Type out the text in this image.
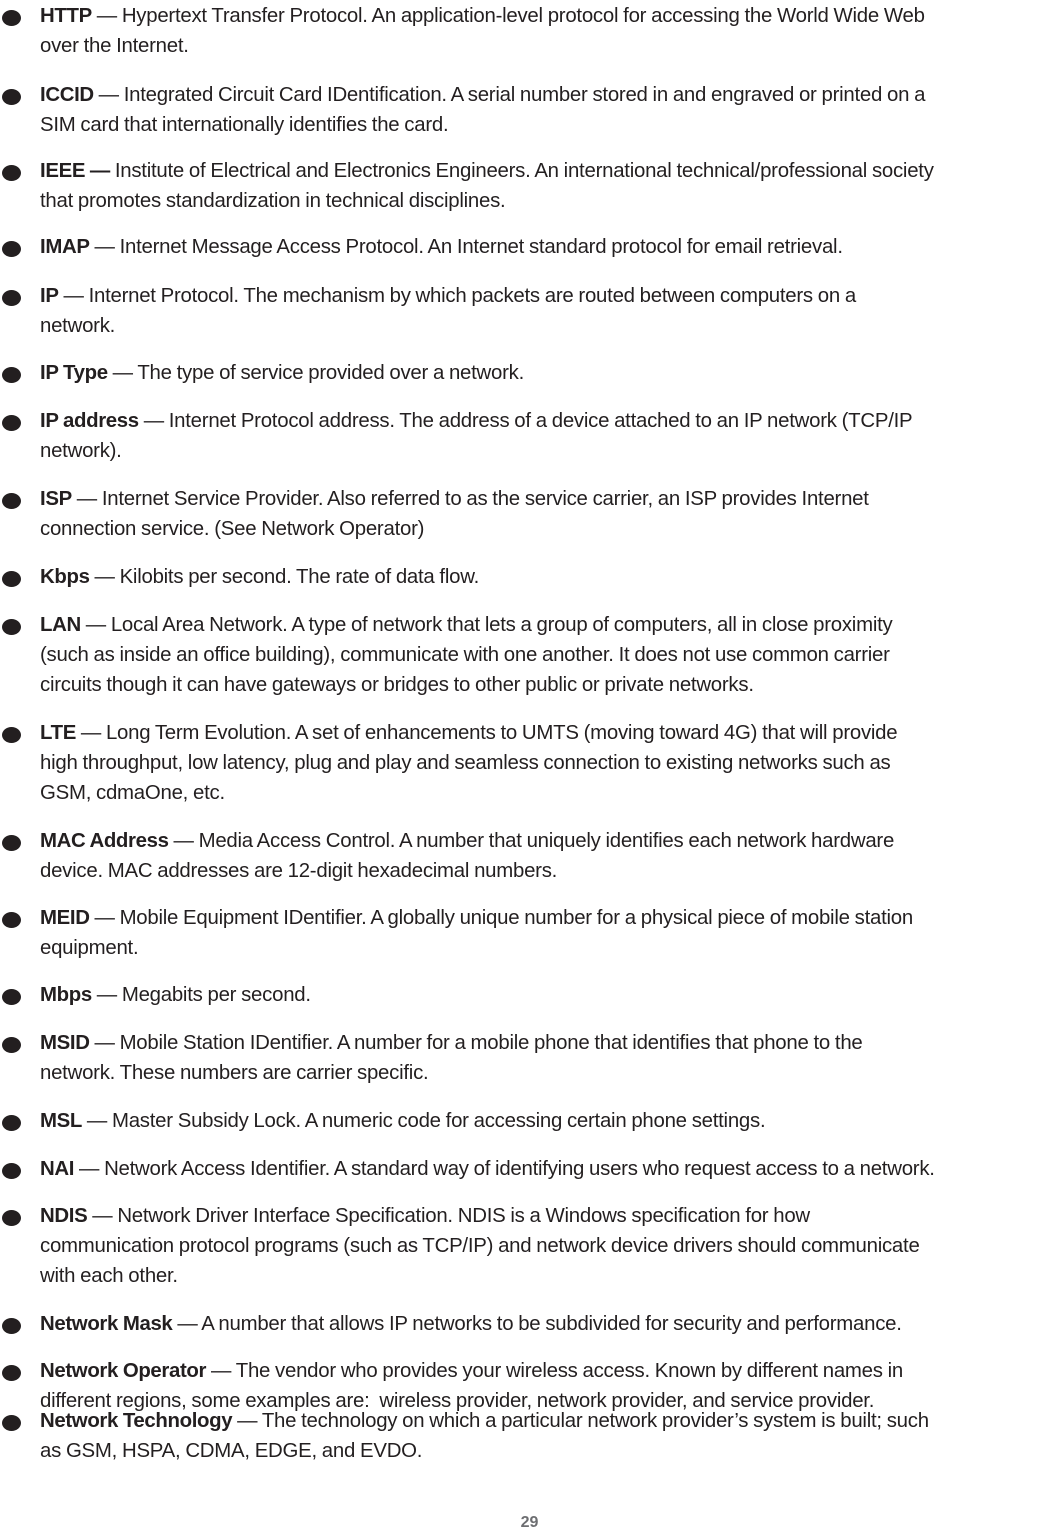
HTTP — Hypertext Transfer Protocol. An application-level protocol for accessing the World Wide Web
over the Internet.
ICCID — Integrated Circuit Card IDentification. A serial number stored in and engraved or printed on a
SIM card that internationally identifies the card.
IEEE — Institute of Electrical and Electronics Engineers. An international technical/professional society
that promotes standardization in technical disciplines.
IMAP — Internet Message Access Protocol. An Internet standard protocol for email retrieval.
IP — Internet Protocol. The mechanism by which packets are routed between computers on a
network.
IP Type — The type of service provided over a network.
IP address — Internet Protocol address. The address of a device attached to an IP network (TCP/IP
network).
ISP — Internet Service Provider. Also referred to as the service carrier, an ISP provides Internet
connection service. (See Network Operator)
Kbps — Kilobits per second. The rate of data flow.
LAN — Local Area Network. A type of network that lets a group of computers, all in close proximity
(such as inside an office building), communicate with one another. It does not use common carrier
circuits though it can have gateways or bridges to other public or private networks.
LTE — Long Term Evolution. A set of enhancements to UMTS (moving toward 4G) that will provide
high throughput, low latency, plug and play and seamless connection to existing networks such as
GSM, cdmaOne, etc.
MAC Address — Media Access Control. A number that uniquely identifies each network hardware
device. MAC addresses are 12-digit hexadecimal numbers.
MEID — Mobile Equipment IDentifier. A globally unique number for a physical piece of mobile station
equipment.
Mbps — Megabits per second.
MSID — Mobile Station IDentifier. A number for a mobile phone that identifies that phone to the
network. These numbers are carrier specific.
MSL — Master Subsidy Lock. A numeric code for accessing certain phone settings.
NAI — Network Access Identifier. A standard way of identifying users who request access to a network.
NDIS — Network Driver Interface Specification. NDIS is a Windows specification for how
communication protocol programs (such as TCP/IP) and network device drivers should communicate
with each other.
Network Mask — A number that allows IP networks to be subdivided for security and performance.
Network Operator — The vendor who provides your wireless access. Known by different names in
different regions, some examples are:  wireless provider, network provider, and service provider.
Network Technology — The technology on which a particular network provider’s system is built; such
as GSM, HSPA, CDMA, EDGE, and EVDO.
29
